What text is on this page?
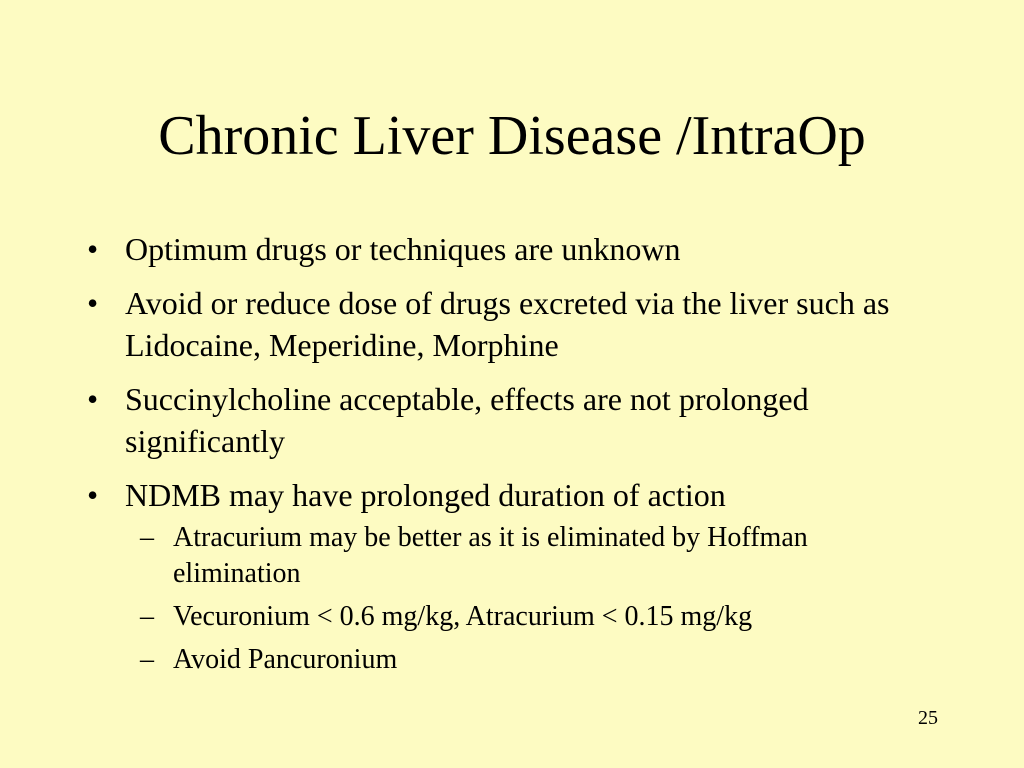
Chronic Liver Disease /IntraOp
• Optimum drugs or techniques are unknown
• Avoid or reduce dose of drugs excreted via the liver such as Lidocaine, Meperidine, Morphine
• Succinylcholine acceptable, effects are not prolonged significantly
• NDMB may have prolonged duration of action
– Atracurium may be better as it is eliminated by Hoffman elimination
– Vecuronium < 0.6 mg/kg, Atracurium < 0.15 mg/kg
– Avoid Pancuronium
25
